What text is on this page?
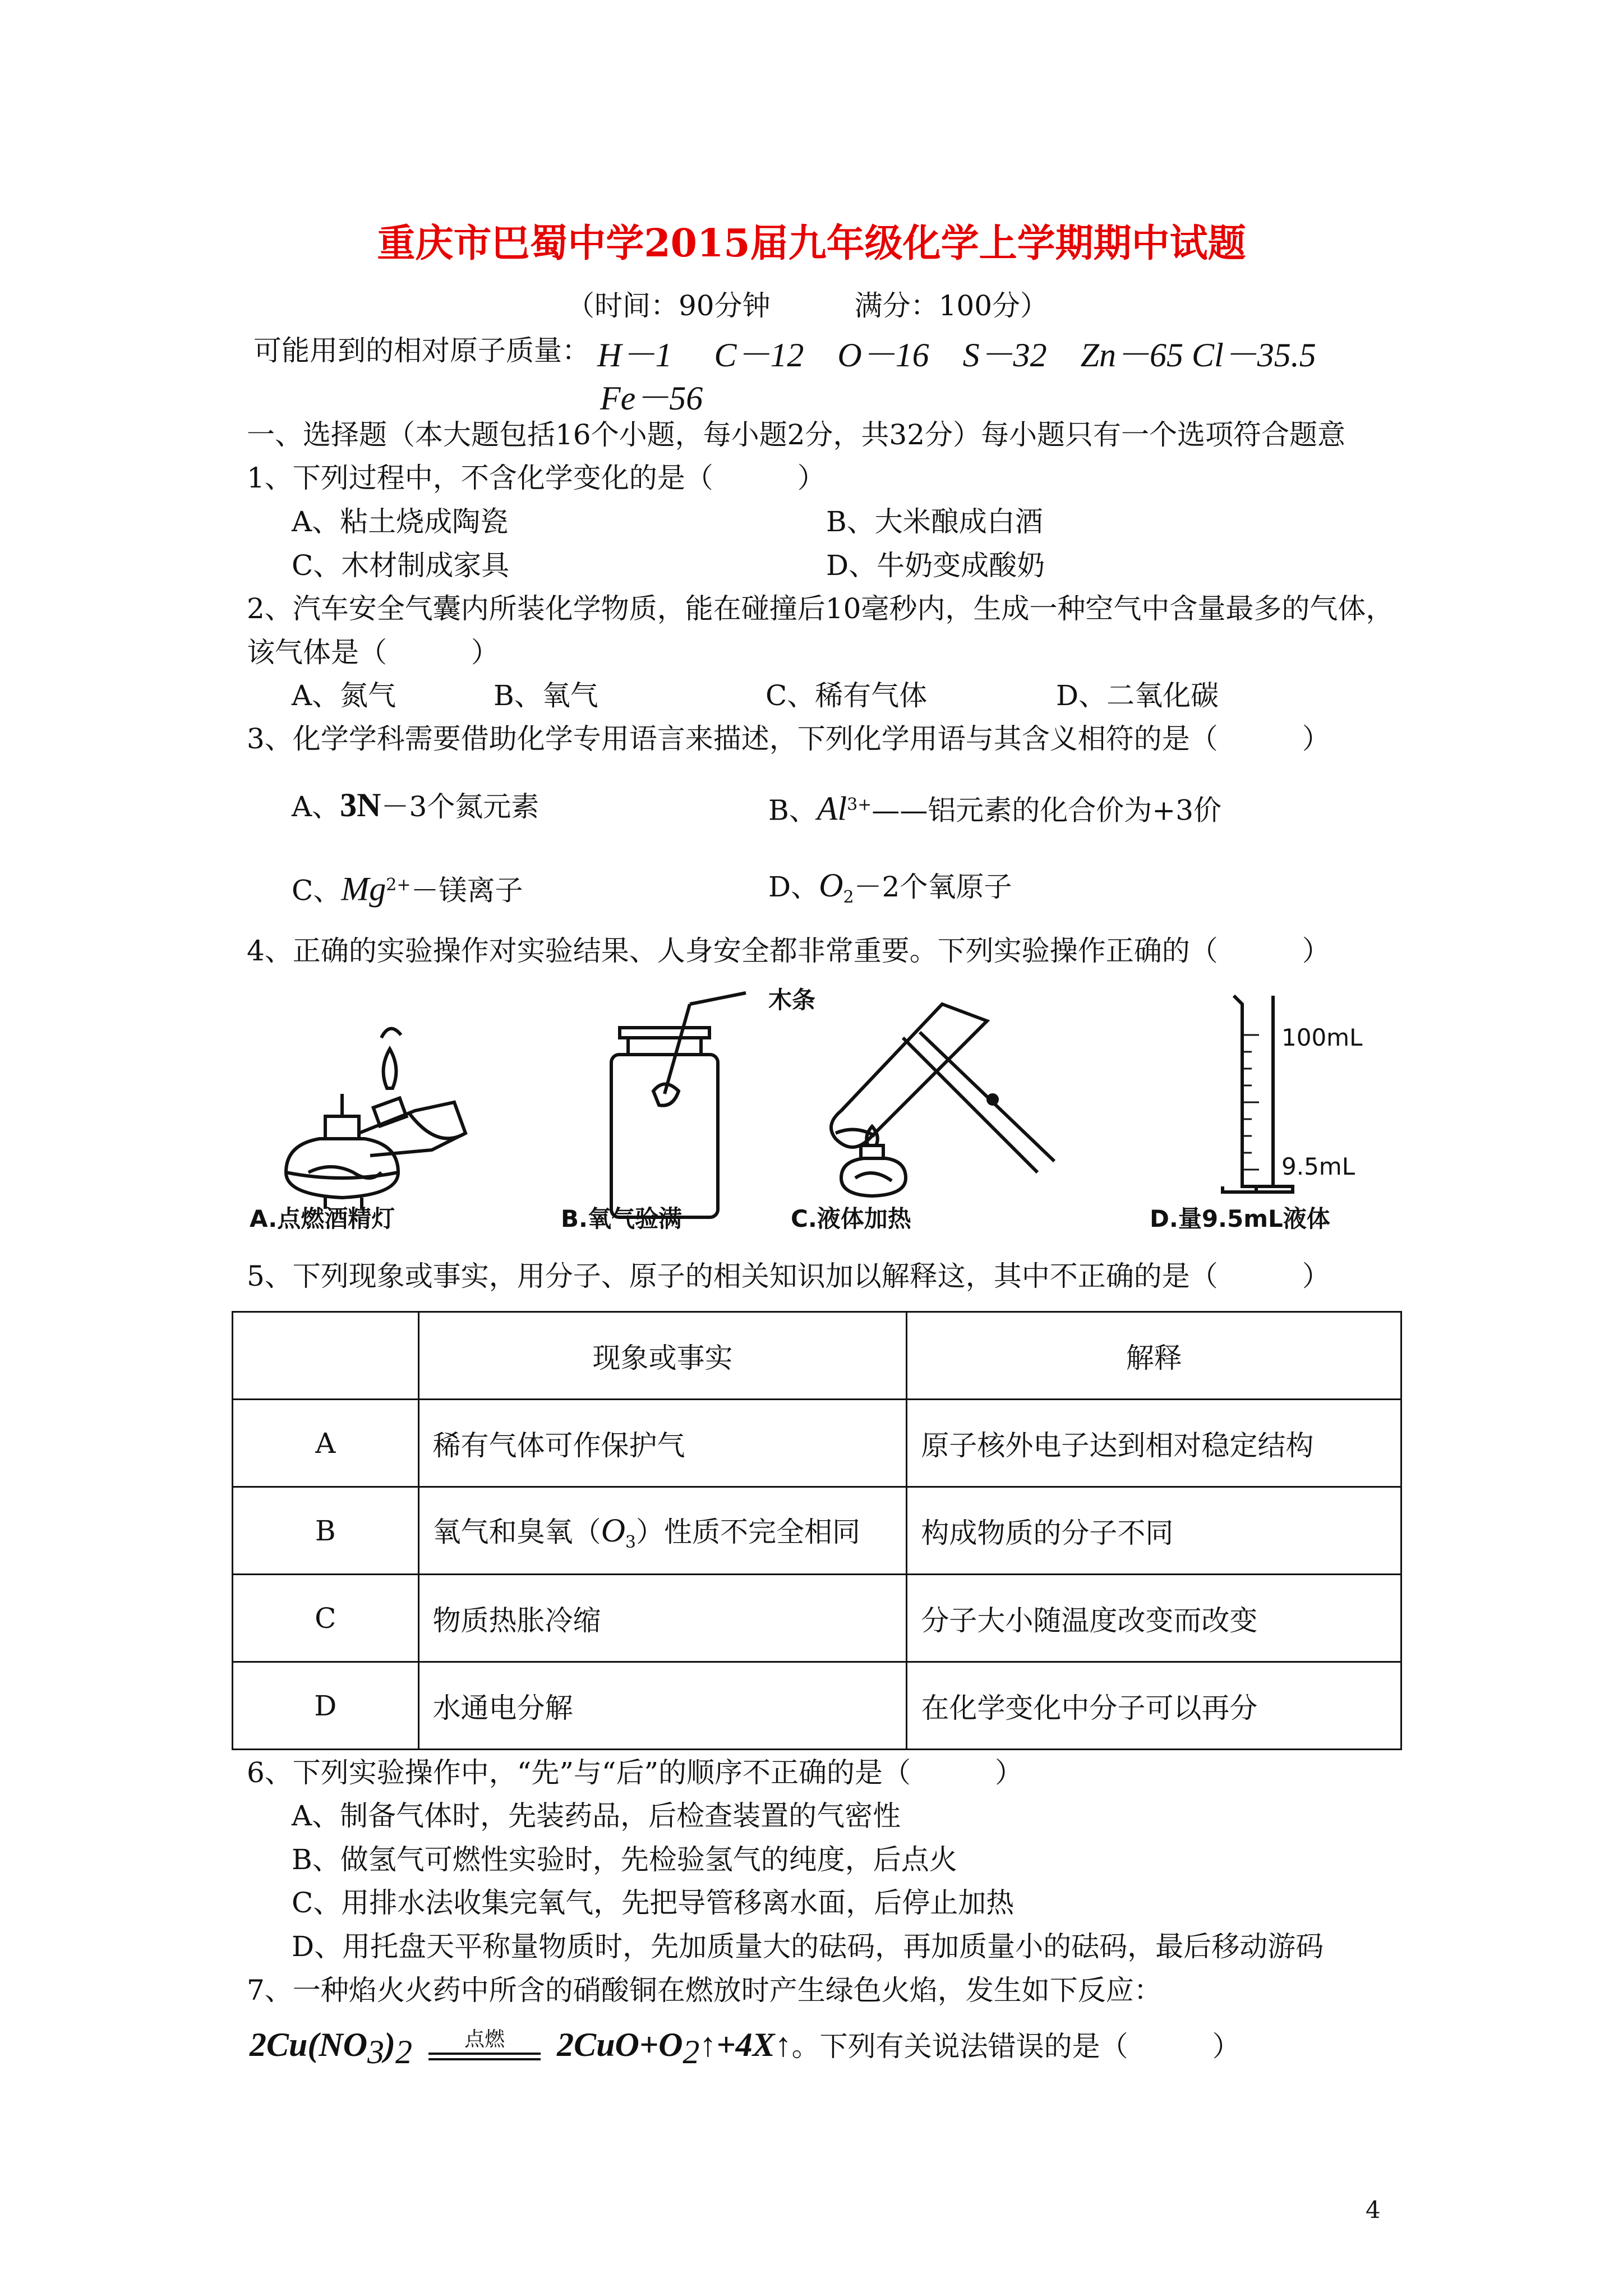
重庆市巴蜀中学2015届九年级化学上学期期中试题
（时间：90分钟　　　满分：100分）
可能用到的相对原子质量： H－1　 C－12　O－16　S－32　Zn－65 Cl－35.5
Fe－56
一、选择题（本大题包括16个小题，每小题2分，共32分）每小题只有一个选项符合题意
1、下列过程中，不含化学变化的是（　　　）
A、粘土烧成陶瓷	B、大米酿成白酒
C、木材制成家具	D、牛奶变成酸奶
2、汽车安全气囊内所装化学物质，能在碰撞后10毫秒内，生成一种空气中含量最多的气体，
该气体是（　　　）
A、氮气	B、氧气	C、稀有气体	D、二氧化碳
3、化学学科需要借助化学专用语言来描述，下列化学用语与其含义相符的是（　　　）
A、3N－3个氮元素	B、$Al^{3+}——$铝元素的化合价为+3价
C、$Mg^{2+}-$镁离子	D、$O_2-2$个氧原子
4、正确的实验操作对实验结果、人身安全都非常重要。下列实验操作正确的（　　　）
A.点燃酒精灯
木条
B.氧气验满	C.液体加热
100mL
9.5mL
D.量9.5mL液体
5、下列现象或事实，用分子、原子的相关知识加以解释这，其中不正确的是（　　　）
	现象或事实	解释
A	稀有气体可作保护气	原子核外电子达到相对稳定结构
B	氧气和臭氧$(O_3)$性质不完全相同	构成物质的分子不同
C	物质热胀冷缩	分子大小随温度改变而改变
D	水通电分解	在化学变化中分子可以再分
6、下列实验操作中，“先”与“后”的顺序不正确的是（　　　）
A、制备气体时，先装药品，后检查装置的气密性
B、做氢气可燃性实验时，先检验氢气的纯度，后点火
C、用排水法收集完氧气，先把导管移离水面，后停止加热
D、用托盘天平称量物质时，先加质量大的砝码，再加质量小的砝码，最后移动游码
7、一种焰火火药中所含的硝酸铜在燃放时产生绿色火焰，发生如下反应：
$2Cu(NO_3)_2$	点燃	$2CuO+O_2↑+4X↑$。下列有关说法错误的是（　　　）
4
